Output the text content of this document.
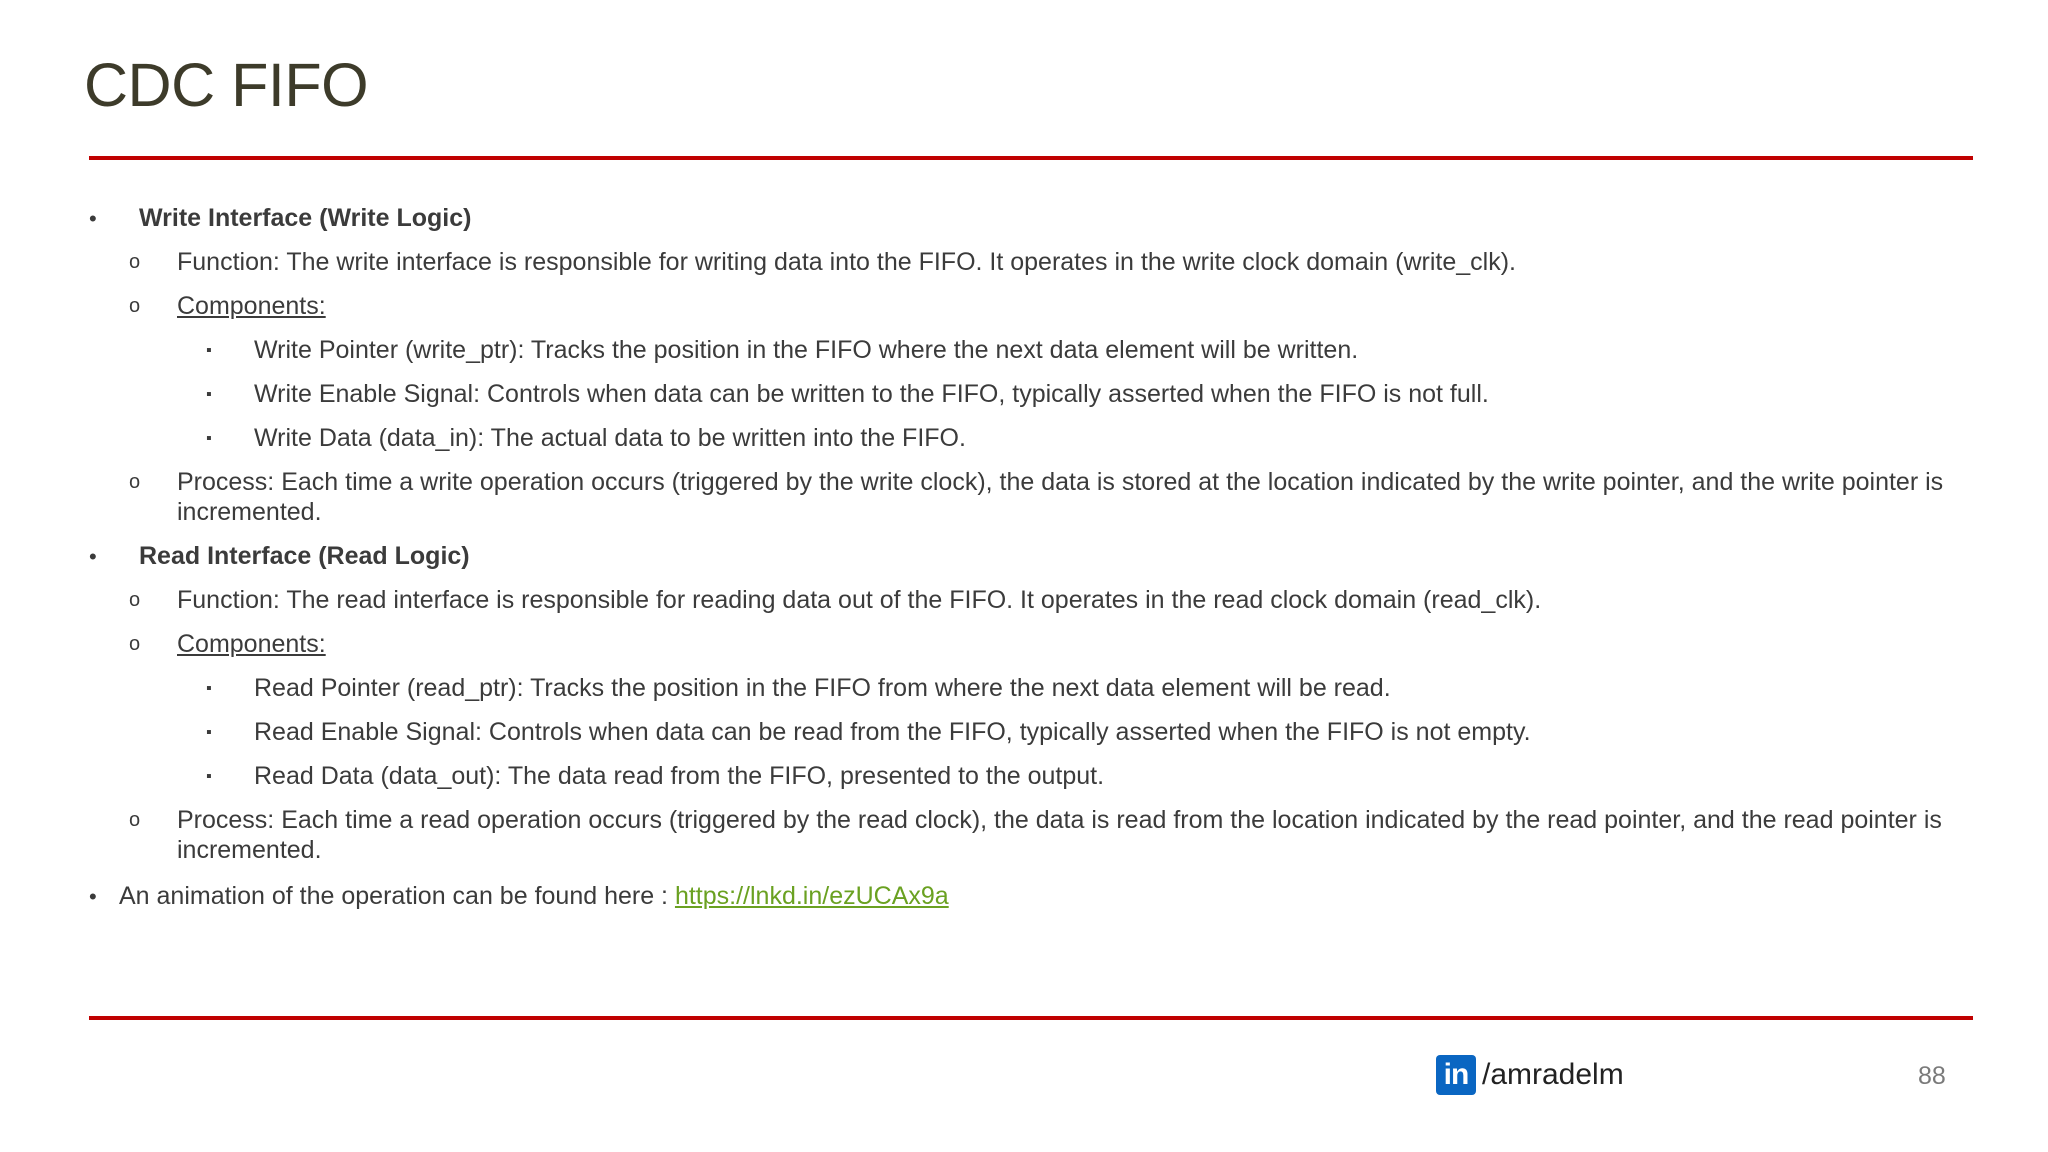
CDC FIFO
• Write Interface (Write Logic)
o Function: The write interface is responsible for writing data into the FIFO. It operates in the write clock domain (write_clk).
o Components:
▪ Write Pointer (write_ptr): Tracks the position in the FIFO where the next data element will be written.
▪ Write Enable Signal: Controls when data can be written to the FIFO, typically asserted when the FIFO is not full.
▪ Write Data (data_in): The actual data to be written into the FIFO.
o Process: Each time a write operation occurs (triggered by the write clock), the data is stored at the location indicated by the write pointer, and the write pointer is
incremented.
• Read Interface (Read Logic)
o Function: The read interface is responsible for reading data out of the FIFO. It operates in the read clock domain (read_clk).
o Components:
▪ Read Pointer (read_ptr): Tracks the position in the FIFO from where the next data element will be read.
▪ Read Enable Signal: Controls when data can be read from the FIFO, typically asserted when the FIFO is not empty.
▪ Read Data (data_out): The data read from the FIFO, presented to the output.
o Process: Each time a read operation occurs (triggered by the read clock), the data is read from the location indicated by the read pointer, and the read pointer is
incremented.
• An animation of the operation can be found here : https://lnkd.in/ezUCAx9a
in /amradelm	88
